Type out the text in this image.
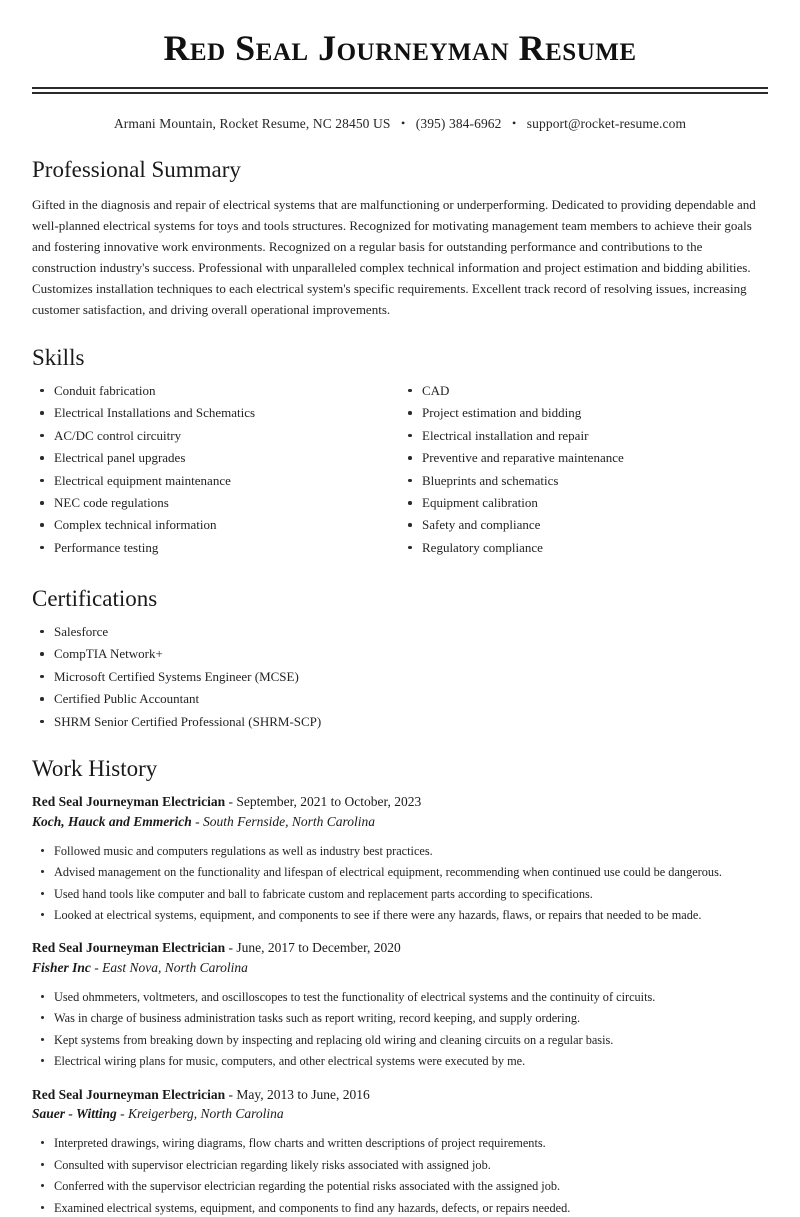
Red Seal Journeyman Resume
Armani Mountain, Rocket Resume, NC 28450 US • (395) 384-6962 • support@rocket-resume.com
Professional Summary

Gifted in the diagnosis and repair of electrical systems that are malfunctioning or underperforming. Dedicated to providing dependable and well-planned electrical systems for toys and tools structures. Recognized for motivating management team members to achieve their goals and fostering innovative work environments. Recognized on a regular basis for outstanding performance and contributions to the construction industry's success. Professional with unparalleled complex technical information and project estimation and bidding abilities. Customizes installation techniques to each electrical system's specific requirements. Excellent track record of resolving issues, increasing customer satisfaction, and driving overall operational improvements.

Skills
Conduit fabrication
Electrical Installations and Schematics
AC/DC control circuitry
Electrical panel upgrades
Electrical equipment maintenance
NEC code regulations
Complex technical information
Performance testing
CAD
Project estimation and bidding
Electrical installation and repair
Preventive and reparative maintenance
Blueprints and schematics
Equipment calibration
Safety and compliance
Regulatory compliance
Certifications
Salesforce
CompTIA Network+
Microsoft Certified Systems Engineer (MCSE)
Certified Public Accountant
SHRM Senior Certified Professional (SHRM-SCP)
Work History
Red Seal Journeyman Electrician - September, 2021 to October, 2023
Koch, Hauck and Emmerich - South Fernside, North Carolina
Followed music and computers regulations as well as industry best practices.
Advised management on the functionality and lifespan of electrical equipment, recommending when continued use could be dangerous.
Used hand tools like computer and ball to fabricate custom and replacement parts according to specifications.
Looked at electrical systems, equipment, and components to see if there were any hazards, flaws, or repairs that needed to be made.
Red Seal Journeyman Electrician - June, 2017 to December, 2020
Fisher Inc - East Nova, North Carolina
Used ohmmeters, voltmeters, and oscilloscopes to test the functionality of electrical systems and the continuity of circuits.
Was in charge of business administration tasks such as report writing, record keeping, and supply ordering.
Kept systems from breaking down by inspecting and replacing old wiring and cleaning circuits on a regular basis.
Electrical wiring plans for music, computers, and other electrical systems were executed by me.
Red Seal Journeyman Electrician - May, 2013 to June, 2016
Sauer - Witting - Kreigerberg, North Carolina
Interpreted drawings, wiring diagrams, flow charts and written descriptions of project requirements.
Consulted with supervisor electrician regarding likely risks associated with assigned job.
Conferred with the supervisor electrician regarding the potential risks associated with the assigned job.
Examined electrical systems, equipment, and components to find any hazards, defects, or repairs needed.
